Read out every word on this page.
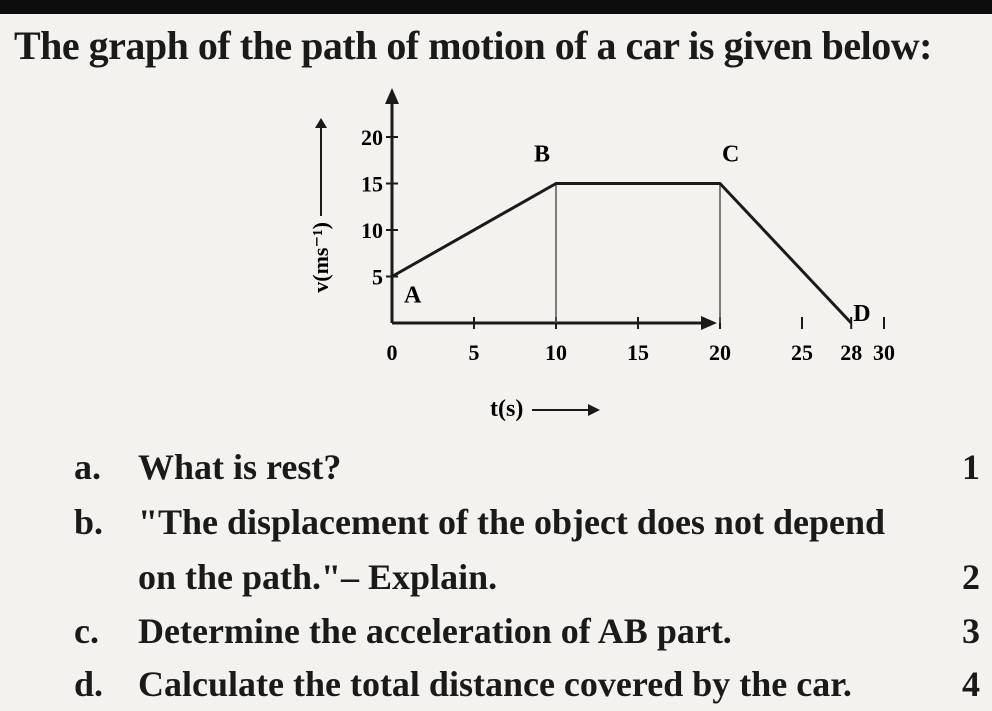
The graph of the path of motion of a car is given below:
v(ms⁻¹)
t(s)
5
10
15
20
0	5	10	15	20	25 28 30
A
B	C
D
a. What is rest?	1
b. "The displacement of the object does not depend
on the path."– Explain.	2
c. Determine the acceleration of AB part.	3
d. Calculate the total distance covered by the car.	4
